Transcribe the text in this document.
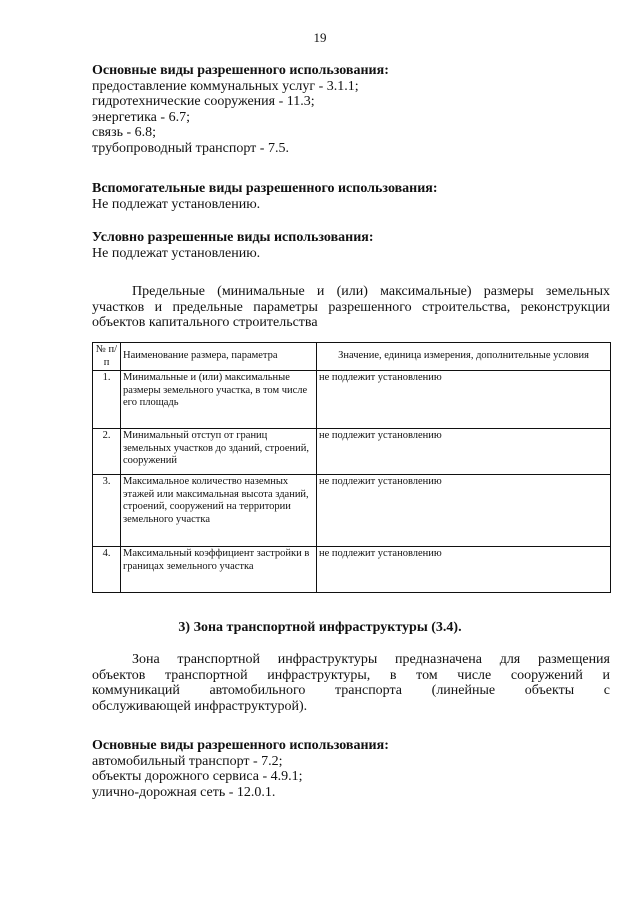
19
Основные виды разрешенного использования:
предоставление коммунальных услуг - 3.1.1;
гидротехнические сооружения - 11.3;
энергетика - 6.7;
связь - 6.8;
трубопроводный транспорт - 7.5.
Вспомогательные виды разрешенного использования:
Не подлежат установлению.
Условно разрешенные виды использования:
Не подлежат установлению.
Предельные (минимальные и (или) максимальные) размеры земельных
участков и предельные параметры разрешенного строительства, реконструкции
объектов капитального строительства
№ п/п	Наименование размера, параметра	Значение, единица измерения, дополнительные условия
1.	Минимальные и (или) максимальные размеры земельного участка, в том числе его площадь	не подлежит установлению
2.	Минимальный отступ от границ земельных участков до зданий, строений, сооружений	не подлежит установлению
3.	Максимальное количество наземных этажей или максимальная высота зданий, строений, сооружений на территории земельного участка	не подлежит установлению
4.	Максимальный коэффициент застройки в границах земельного участка	не подлежит установлению
3) Зона транспортной инфраструктуры (3.4).
Зона транспортной инфраструктуры предназначена для размещения
объектов транспортной инфраструктуры, в том числе сооружений и
коммуникаций автомобильного транспорта (линейные объекты с
обслуживающей инфраструктурой).
Основные виды разрешенного использования:
автомобильный транспорт - 7.2;
объекты дорожного сервиса - 4.9.1;
улично-дорожная сеть - 12.0.1.
